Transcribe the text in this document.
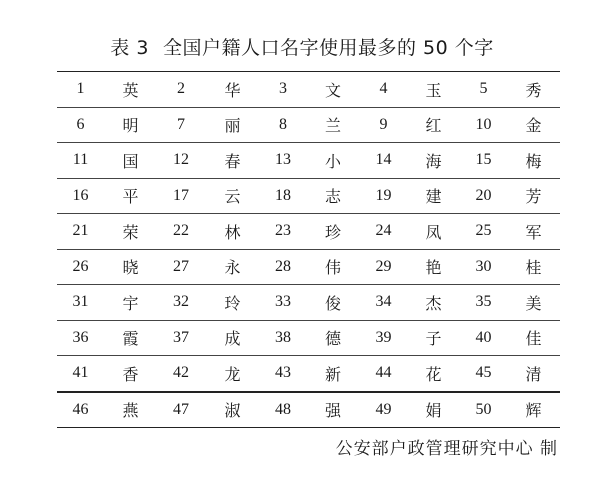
表 3 全国户籍人口名字使用最多的 50 个字
1	英	2	华	3	文	4	玉	5	秀
6	明	7	丽	8	兰	9	红	10	金
11	国	12	春	13	小	14	海	15	梅
16	平	17	云	18	志	19	建	20	芳
21	荣	22	林	23	珍	24	凤	25	军
26	晓	27	永	28	伟	29	艳	30	桂
31	宇	32	玲	33	俊	34	杰	35	美
36	霞	37	成	38	德	39	子	40	佳
41	香	42	龙	43	新	44	花	45	清
46	燕	47	淑	48	强	49	娟	50	辉
公安部户政管理研究中心 制
